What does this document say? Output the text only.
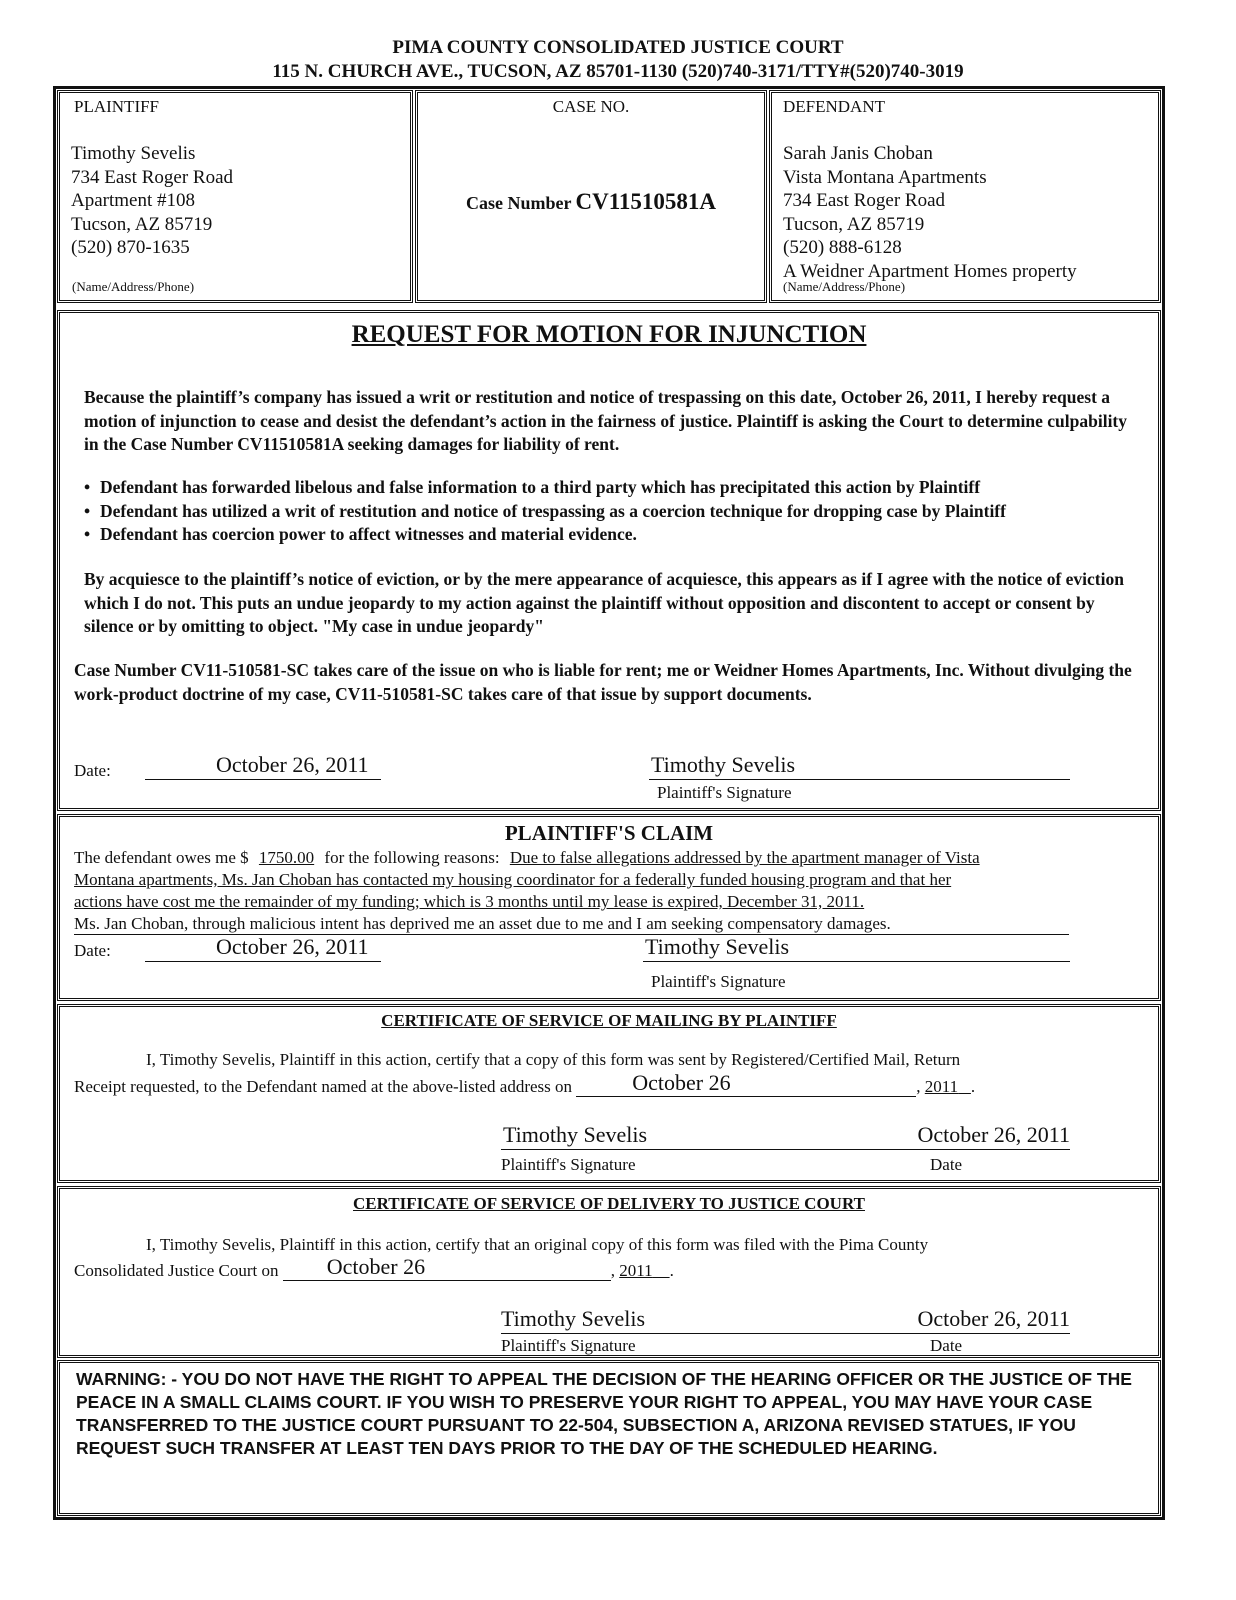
PIMA COUNTY CONSOLIDATED JUSTICE COURT
115 N. CHURCH AVE., TUCSON, AZ 85701-1130 (520)740-3171/TTY#(520)740-3019
PLAINTIFF
Timothy Sevelis
734 East Roger Road
Apartment #108
Tucson, AZ 85719
(520) 870-1635
(Name/Address/Phone)
CASE NO.
Case Number CV11510581A
DEFENDANT
Sarah Janis Choban
Vista Montana Apartments
734 East Roger Road
Tucson, AZ 85719
(520) 888-6128
A Weidner Apartment Homes property
(Name/Address/Phone)
REQUEST FOR MOTION FOR INJUNCTION
Because the plaintiff’s company has issued a writ or restitution and notice of trespassing on this date, October 26, 2011, I hereby request a motion of injunction to cease and desist the defendant’s action in the fairness of justice. Plaintiff is asking the Court to determine culpability in the Case Number CV11510581A seeking damages for liability of rent.
• Defendant has forwarded libelous and false information to a third party which has precipitated this action by Plaintiff
• Defendant has utilized a writ of restitution and notice of trespassing as a coercion technique for dropping case by Plaintiff
• Defendant has coercion power to affect witnesses and material evidence.
By acquiesce to the plaintiff’s notice of eviction, or by the mere appearance of acquiesce, this appears as if I agree with the notice of eviction which I do not. This puts an undue jeopardy to my action against the plaintiff without opposition and discontent to accept or consent by silence or by omitting to object. "My case in undue jeopardy"
Case Number CV11-510581-SC takes care of the issue on who is liable for rent; me or Weidner Homes Apartments, Inc. Without divulging the work-product doctrine of my case, CV11-510581-SC takes care of that issue by support documents.
Date:	October 26, 2011	Timothy Sevelis
Plaintiff's Signature
PLAINTIFF'S CLAIM
The defendant owes me $ 1750.00 for the following reasons: Due to false allegations addressed by the apartment manager of Vista
Montana apartments, Ms. Jan Choban has contacted my housing coordinator for a federally funded housing program and that her
actions have cost me the remainder of my funding; which is 3 months until my lease is expired, December 31, 2011.
Ms. Jan Choban, through malicious intent has deprived me an asset due to me and I am seeking compensatory damages.
Date:	October 26, 2011	Timothy Sevelis
Plaintiff's Signature
CERTIFICATE OF SERVICE OF MAILING BY PLAINTIFF
I, Timothy Sevelis, Plaintiff in this action, certify that a copy of this form was sent by Registered/Certified Mail, Return
Receipt requested, to the Defendant named at the above-listed address on	October 26	, 2011 .
Timothy Sevelis	October 26, 2011
Plaintiff's Signature	Date
CERTIFICATE OF SERVICE OF DELIVERY TO JUSTICE COURT
I, Timothy Sevelis, Plaintiff in this action, certify that an original copy of this form was filed with the Pima County
Consolidated Justice Court on October 26	, 2011 .
Timothy Sevelis	October 26, 2011
Plaintiff's Signature	Date
WARNING: - YOU DO NOT HAVE THE RIGHT TO APPEAL THE DECISION OF THE HEARING OFFICER OR THE JUSTICE OF THE PEACE IN A SMALL CLAIMS COURT. IF YOU WISH TO PRESERVE YOUR RIGHT TO APPEAL, YOU MAY HAVE YOUR CASE TRANSFERRED TO THE JUSTICE COURT PURSUANT TO 22-504, SUBSECTION A, ARIZONA REVISED STATUES, IF YOU REQUEST SUCH TRANSFER AT LEAST TEN DAYS PRIOR TO THE DAY OF THE SCHEDULED HEARING.
